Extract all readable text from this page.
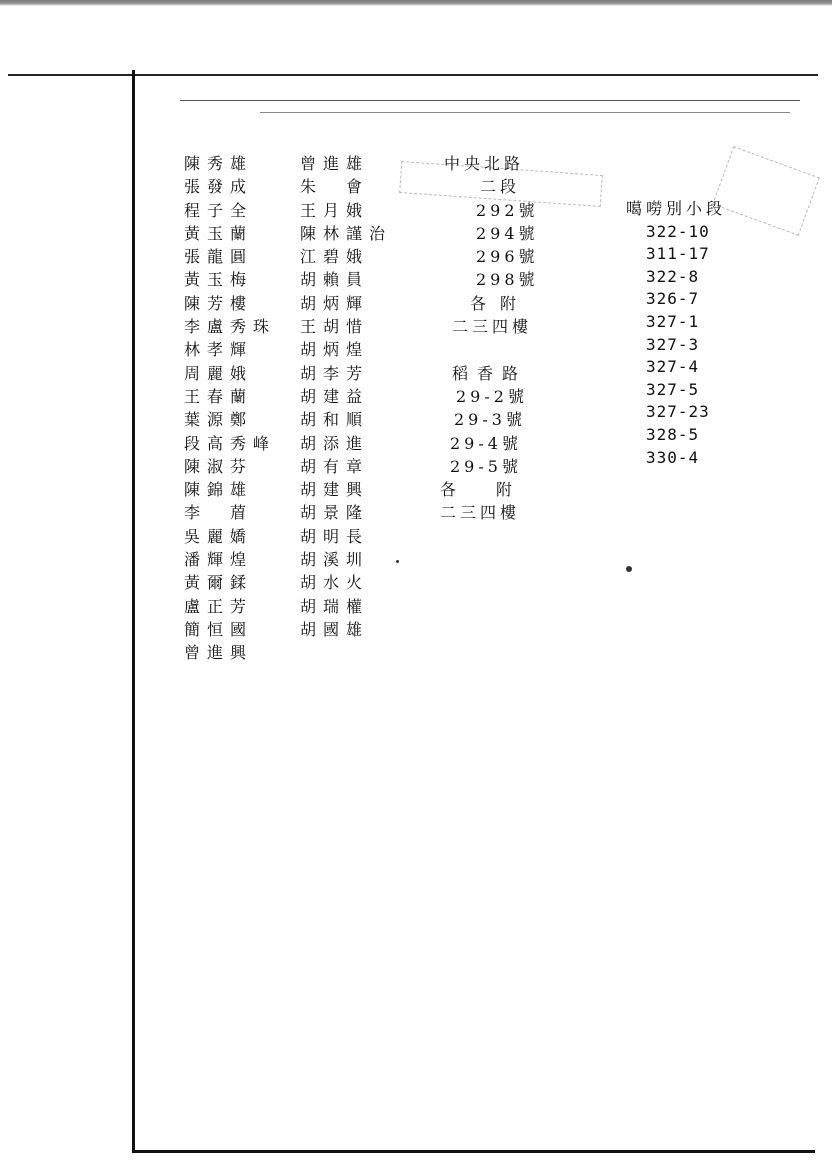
陳秀雄
張發成
程子全
黃玉蘭
張龍圓
黃玉梅
陳芳樓
李盧秀珠
林孝輝
周麗娥
王春蘭
葉源鄭
段高秀峰
陳淑芬
陳錦雄
李　葿
吳麗嬌
潘輝煌
黃爾鍒
盧正芳
簡恒國
曾進興
曾進雄
朱　會
王月娥
陳林謹治
江碧娥
胡賴員
胡炳輝
王胡惜
胡炳煌
胡李芳
胡建益
胡和順
胡添進
胡有章
胡建興
胡景隆
胡明長
胡溪圳
胡水火
胡瑞權
胡國雄
中央北路
二段
292號
294號
296號
298號
各附
二三四樓
稻香路
29-2號
29-3號
29-4號
29-5號
各附
二三四樓
噶嘮別小段
322-10
311-17
322-8
326-7
327-1
327-3
327-4
327-5
327-23
328-5
330-4
